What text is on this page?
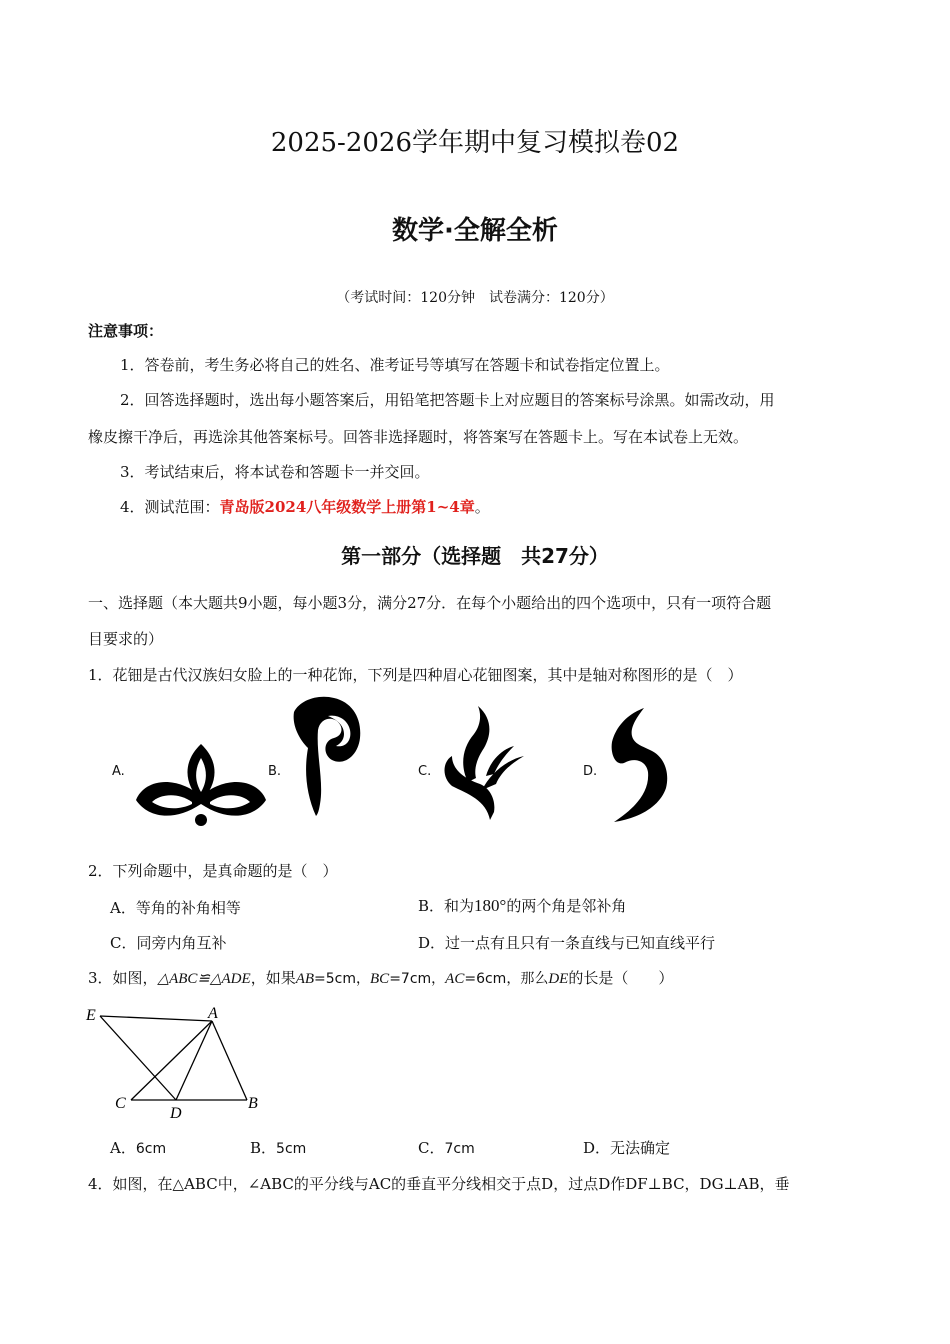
2025-2026学年期中复习模拟卷02
数学·全解全析
（考试时间：120分钟　试卷满分：120分）
注意事项：
1．答卷前，考生务必将自己的姓名、准考证号等填写在答题卡和试卷指定位置上。
2．回答选择题时，选出每小题答案后，用铅笔把答题卡上对应题目的答案标号涂黑。如需改动，用
橡皮擦干净后，再选涂其他答案标号。回答非选择题时，将答案写在答题卡上。写在本试卷上无效。
3．考试结束后，将本试卷和答题卡一并交回。
4．测试范围：青岛版2024八年级数学上册第1~4章。
第一部分（选择题　共27分）
一、选择题（本大题共9小题，每小题3分，满分27分．在每个小题给出的四个选项中，只有一项符合题
目要求的）
1．花钿是古代汉族妇女脸上的一种花饰，下列是四种眉心花钿图案，其中是轴对称图形的是（　）
A.	B.	C.	D.
2．下列命题中，是真命题的是（　）
A．等角的补角相等	B．和为180°的两个角是邻补角
C．同旁内角互补	D．过一点有且只有一条直线与已知直线平行
3．如图，△ABC≌△ADE，如果AB=5cm，BC=7cm，AC=6cm，那么DE的长是（　　）
E	A
C
D
B
A．6cm	B．5cm	C．7cm	D．无法确定
4．如图，在△ABC中，∠ABC的平分线与AC的垂直平分线相交于点D，过点D作DF⊥BC，DG⊥AB，垂
